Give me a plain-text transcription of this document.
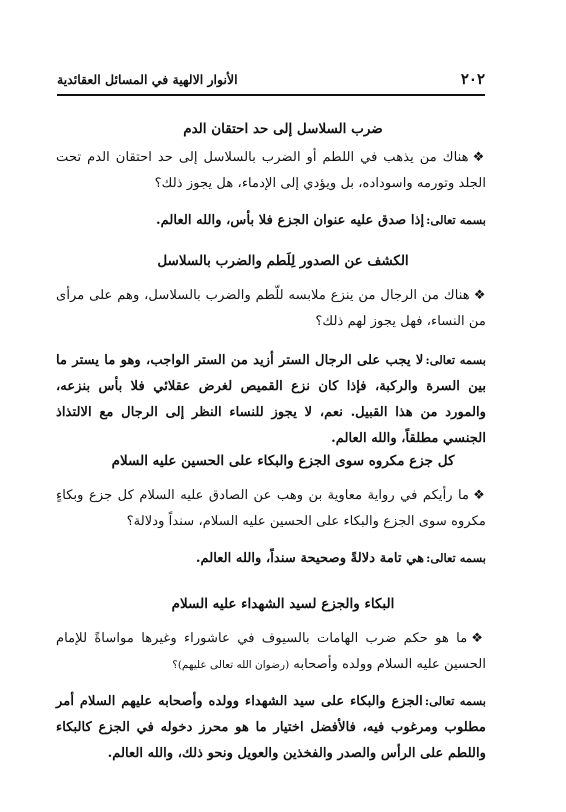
٢٠٢
الأنوار الالهية في المسائل العقائدية
ضرب السلاسل إلى حد احتقان الدم

❖هناك من يذهب في اللطم أو الضرب بالسلاسل إلى حد احتقان الدم تحت الجلد وتورمه واسوداده، بل ويؤدي إلى الإدماء، هل يجوز ذلك؟

بسمه تعالى:إذا صدق عليه عنوان الجزع فلا بأس، والله العالم.

الكشف عن الصدور لِلَطم والضرب بالسلاسل

❖هناك من الرجال من ينزع ملابسه للّطم والضرب بالسلاسل، وهم على مرأى من النساء، فهل يجوز لهم ذلك؟

بسمه تعالى:لا يجب على الرجال الستر أزيد من الستر الواجب، وهو ما يستر ما بين السرة والركبة، فإذا كان نزع القميص لغرض عقلائي فلا بأس بنزعه، والمورد من هذا القبيل. نعم، لا يجوز للنساء النظر إلى الرجال مع الالتذاذ الجنسي مطلقاً، والله العالم.

كل جزع مكروه سوى الجزع والبكاء على الحسين عليه السلام

❖ما رأيكم في رواية معاوية بن وهب عن الصادق عليه السلام كل جزع وبكاءٍ مكروه سوى الجزع والبكاء على الحسين عليه السلام، سنداً ودلالة؟

بسمه تعالى:هي تامة دلالةً وصحيحة سنداً، والله العالم.

البكاء والجزع لسيد الشهداء عليه السلام

❖ما هو حكم ضرب الهامات بالسيوف في عاشوراء وغيرها مواساةً للإمام الحسين عليه السلام وولده وأصحابه (رضوان الله تعالى عليهم)؟

بسمه تعالى:الجزع والبكاء على سيد الشهداء وولده وأصحابه عليهم السلام أمر مطلوب ومرغوب فيه، فالأفضل اختيار ما هو محرز دخوله في الجزع كالبكاء واللطم على الرأس والصدر والفخذين والعويل ونحو ذلك، والله العالم.
